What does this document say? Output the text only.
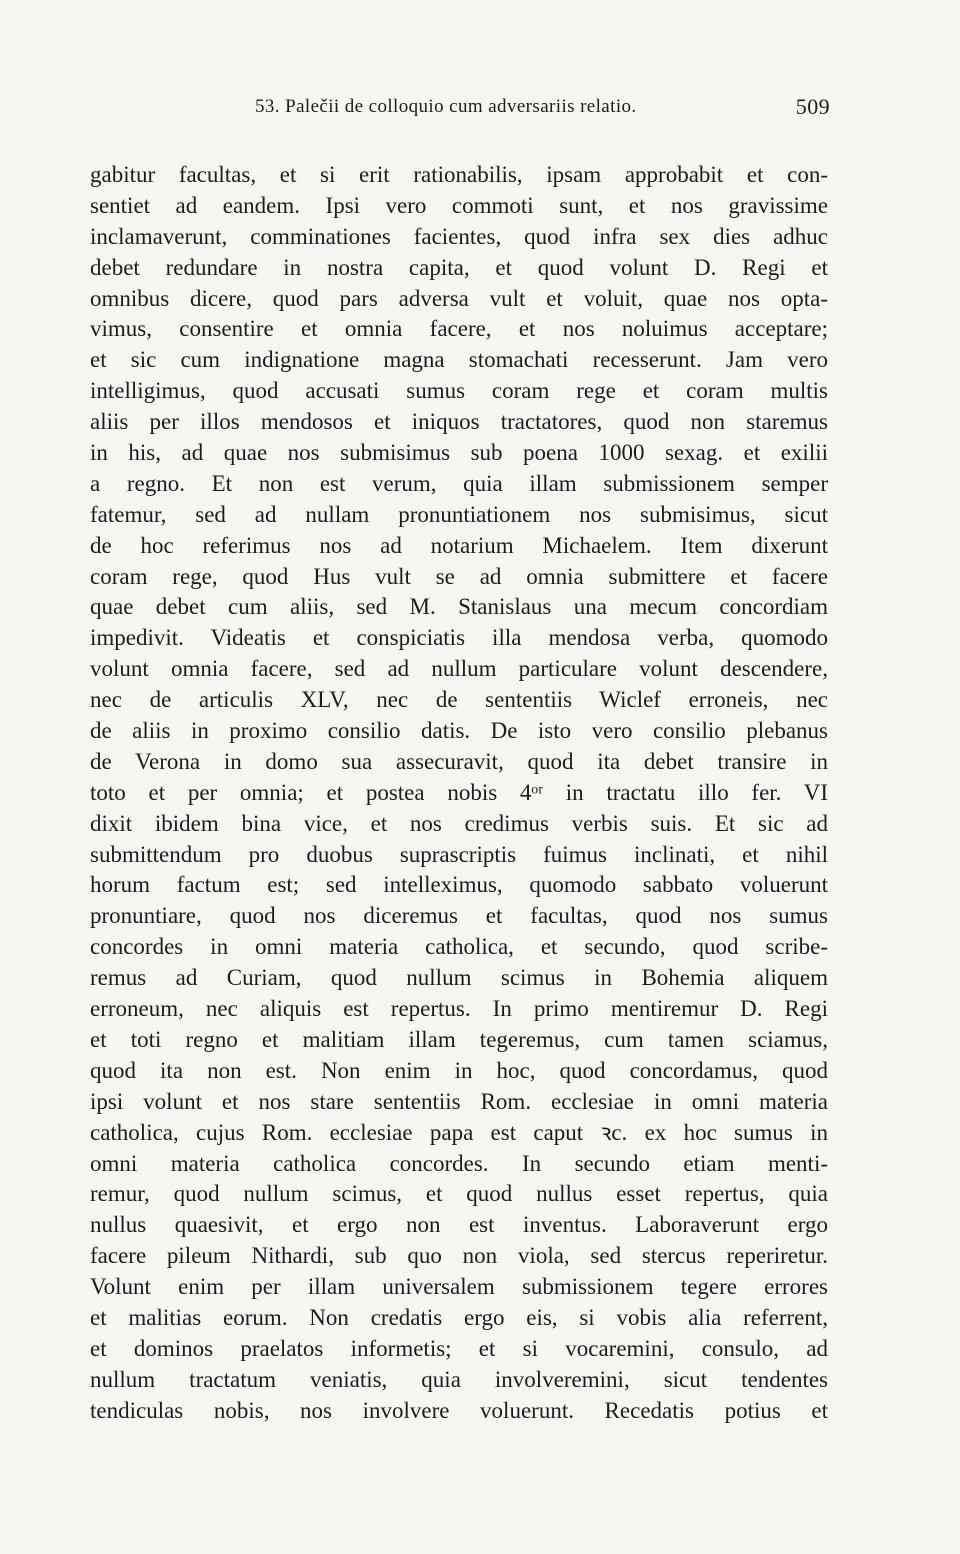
53. Palečii de colloquio cum adversariis relatio.	509
gabitur facultas, et si erit rationabilis, ipsam approbabit et con-
sentiet ad eandem. Ipsi vero commoti sunt, et nos gravissime
inclamaverunt, comminationes facientes, quod infra sex dies adhuc
debet redundare in nostra capita, et quod volunt D. Regi et
omnibus dicere, quod pars adversa vult et voluit, quae nos opta-
vimus, consentire et omnia facere, et nos noluimus acceptare;
et sic cum indignatione magna stomachati recesserunt. Jam vero
intelligimus, quod accusati sumus coram rege et coram multis
aliis per illos mendosos et iniquos tractatores, quod non staremus
in his, ad quae nos submisimus sub poena 1000 sexag. et exilii
a regno. Et non est verum, quia illam submissionem semper
fatemur, sed ad nullam pronuntiationem nos submisimus, sicut
de hoc referimus nos ad notarium Michaelem. Item dixerunt
coram rege, quod Hus vult se ad omnia submittere et facere
quae debet cum aliis, sed M. Stanislaus una mecum concordiam
impedivit. Videatis et conspiciatis illa mendosa verba, quomodo
volunt omnia facere, sed ad nullum particulare volunt descendere,
nec de articulis XLV, nec de sententiis Wiclef erroneis, nec
de aliis in proximo consilio datis. De isto vero consilio plebanus
de Verona in domo sua assecuravit, quod ita debet transire in
toto et per omnia; et postea nobis 4ᵒʳ in tractatu illo fer. VI
dixit ibidem bina vice, et nos credimus verbis suis. Et sic ad
submittendum pro duobus suprascriptis fuimus inclinati, et nihil
horum factum est; sed intelleximus, quomodo sabbato voluerunt
pronuntiare, quod nos diceremus et facultas, quod nos sumus
concordes in omni materia catholica, et secundo, quod scribe-
remus ad Curiam, quod nullum scimus in Bohemia aliquem
erroneum, nec aliquis est repertus. In primo mentiremur D. Regi
et toti regno et malitiam illam tegeremus, cum tamen sciamus,
quod ita non est. Non enim in hoc, quod concordamus, quod
ipsi volunt et nos stare sententiis Rom. ecclesiae in omni materia
catholica, cujus Rom. ecclesiae papa est caput ꝛc. ex hoc sumus in
omni materia catholica concordes. In secundo etiam menti-
remur, quod nullum scimus, et quod nullus esset repertus, quia
nullus quaesivit, et ergo non est inventus. Laboraverunt ergo
facere pileum Nithardi, sub quo non viola, sed stercus reperiretur.
Volunt enim per illam universalem submissionem tegere errores
et malitias eorum. Non credatis ergo eis, si vobis alia referrent,
et dominos praelatos informetis; et si vocaremini, consulo, ad
nullum tractatum veniatis, quia involveremini, sicut tendentes
tendiculas nobis, nos involvere voluerunt. Recedatis potius et
